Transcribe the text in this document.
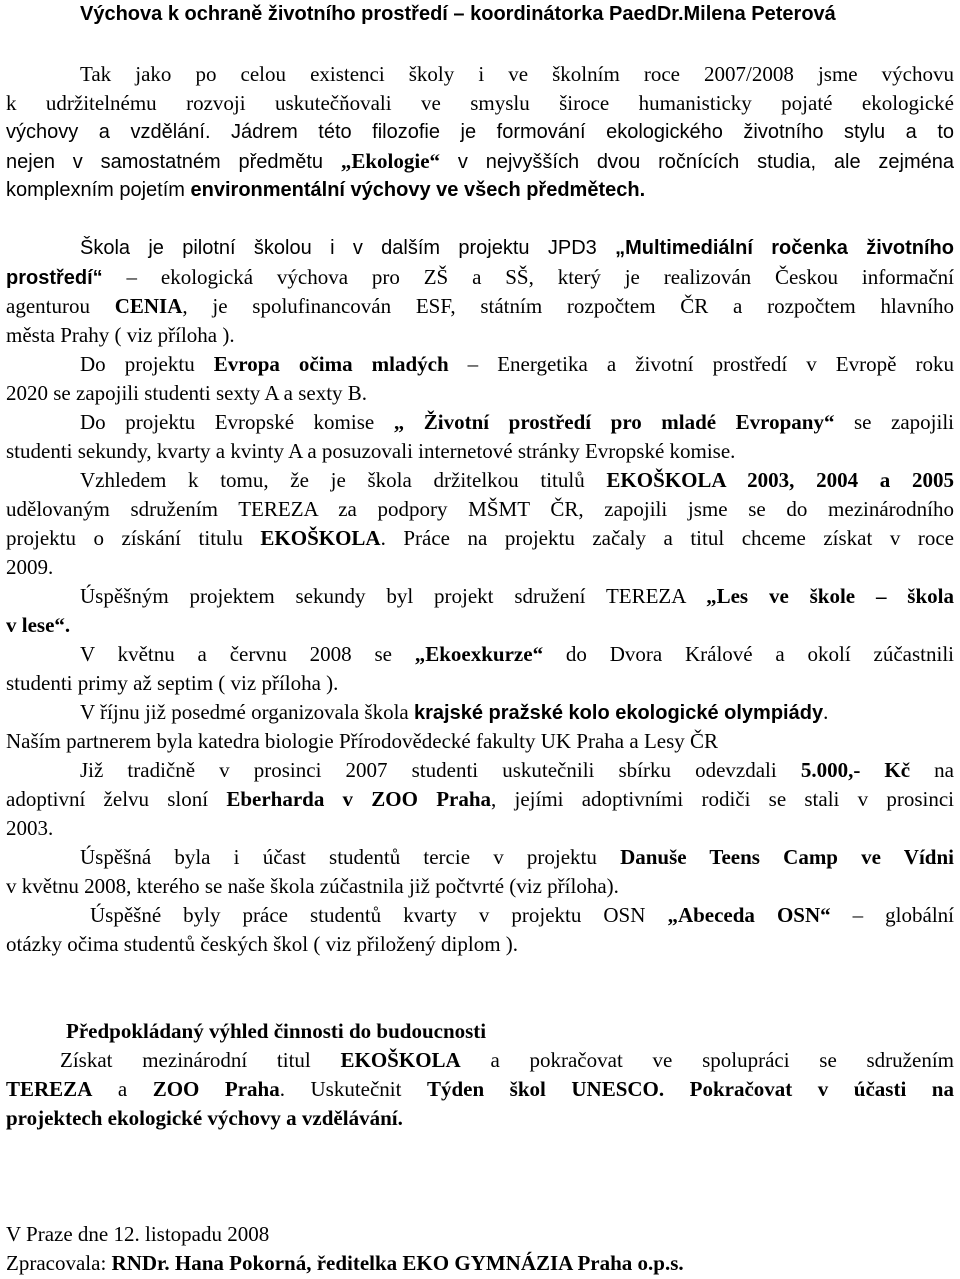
Výchova k ochraně životního prostředí – koordinátorka PaedDr.Milena Peterová
Tak jako po celou existenci školy i ve školním roce 2007/2008 jsme výchovu
k udržitelnému rozvoji uskutečňovali ve smyslu široce humanisticky pojaté ekologické
výchovy a vzdělání. Jádrem této filozofie je formování ekologického životního stylu a to
nejen v samostatném předmětu „Ekologie“ v nejvyšších dvou ročnících studia, ale zejména
komplexním pojetím environmentální výchovy ve všech předmětech.
Škola je pilotní školou i v dalším projektu JPD3 „Multimediální ročenka životního
prostředí“ – ekologická výchova pro ZŠ a SŠ, který je realizován Českou informační
agenturou CENIA, je spolufinancován ESF, státním rozpočtem ČR a rozpočtem hlavního
města Prahy ( viz příloha ).
Do projektu Evropa očima mladých – Energetika a životní prostředí v Evropě roku
2020 se zapojili studenti sexty A a sexty B.
Do projektu Evropské komise „ Životní prostředí pro mladé Evropany“ se zapojili
studenti sekundy, kvarty a kvinty A a posuzovali internetové stránky Evropské komise.
Vzhledem k tomu, že je škola držitelkou titulů EKOŠKOLA 2003, 2004 a 2005
udělovaným sdružením TEREZA za podpory MŠMT ČR, zapojili jsme se do mezinárodního
projektu o získání titulu EKOŠKOLA. Práce na projektu začaly a titul chceme získat v roce
2009.
Úspěšným projektem sekundy byl projekt sdružení TEREZA „Les ve škole – škola
v lese“.
V květnu a červnu 2008 se „Ekoexkurze“ do Dvora Králové a okolí zúčastnili
studenti primy až septim ( viz příloha ).
V říjnu již posedmé organizovala škola krajské pražské kolo ekologické olympiády.
Naším partnerem byla katedra biologie Přírodovědecké fakulty UK Praha a Lesy ČR
Již tradičně v prosinci 2007 studenti uskutečnili sbírku odevzdali 5.000,- Kč na
adoptivní želvu sloní Eberharda v ZOO Praha, jejími adoptivními rodiči se stali v prosinci
2003.
Úspěšná byla i účast studentů tercie v projektu Danuše Teens Camp ve Vídni
v květnu 2008, kterého se naše škola zúčastnila již počtvrté (viz příloha).
Úspěšné byly práce studentů kvarty v projektu OSN „Abeceda OSN“ – globální
otázky očima studentů českých škol ( viz přiložený diplom ).
Předpokládaný výhled činnosti do budoucnosti
Získat mezinárodní titul EKOŠKOLA a pokračovat ve spolupráci se sdružením
TEREZA a ZOO Praha. Uskutečnit Týden škol UNESCO. Pokračovat v účasti na
projektech ekologické výchovy a vzdělávání.
V Praze dne 12. listopadu 2008
Zpracovala: RNDr. Hana Pokorná, ředitelka EKO GYMNÁZIA Praha o.p.s.
